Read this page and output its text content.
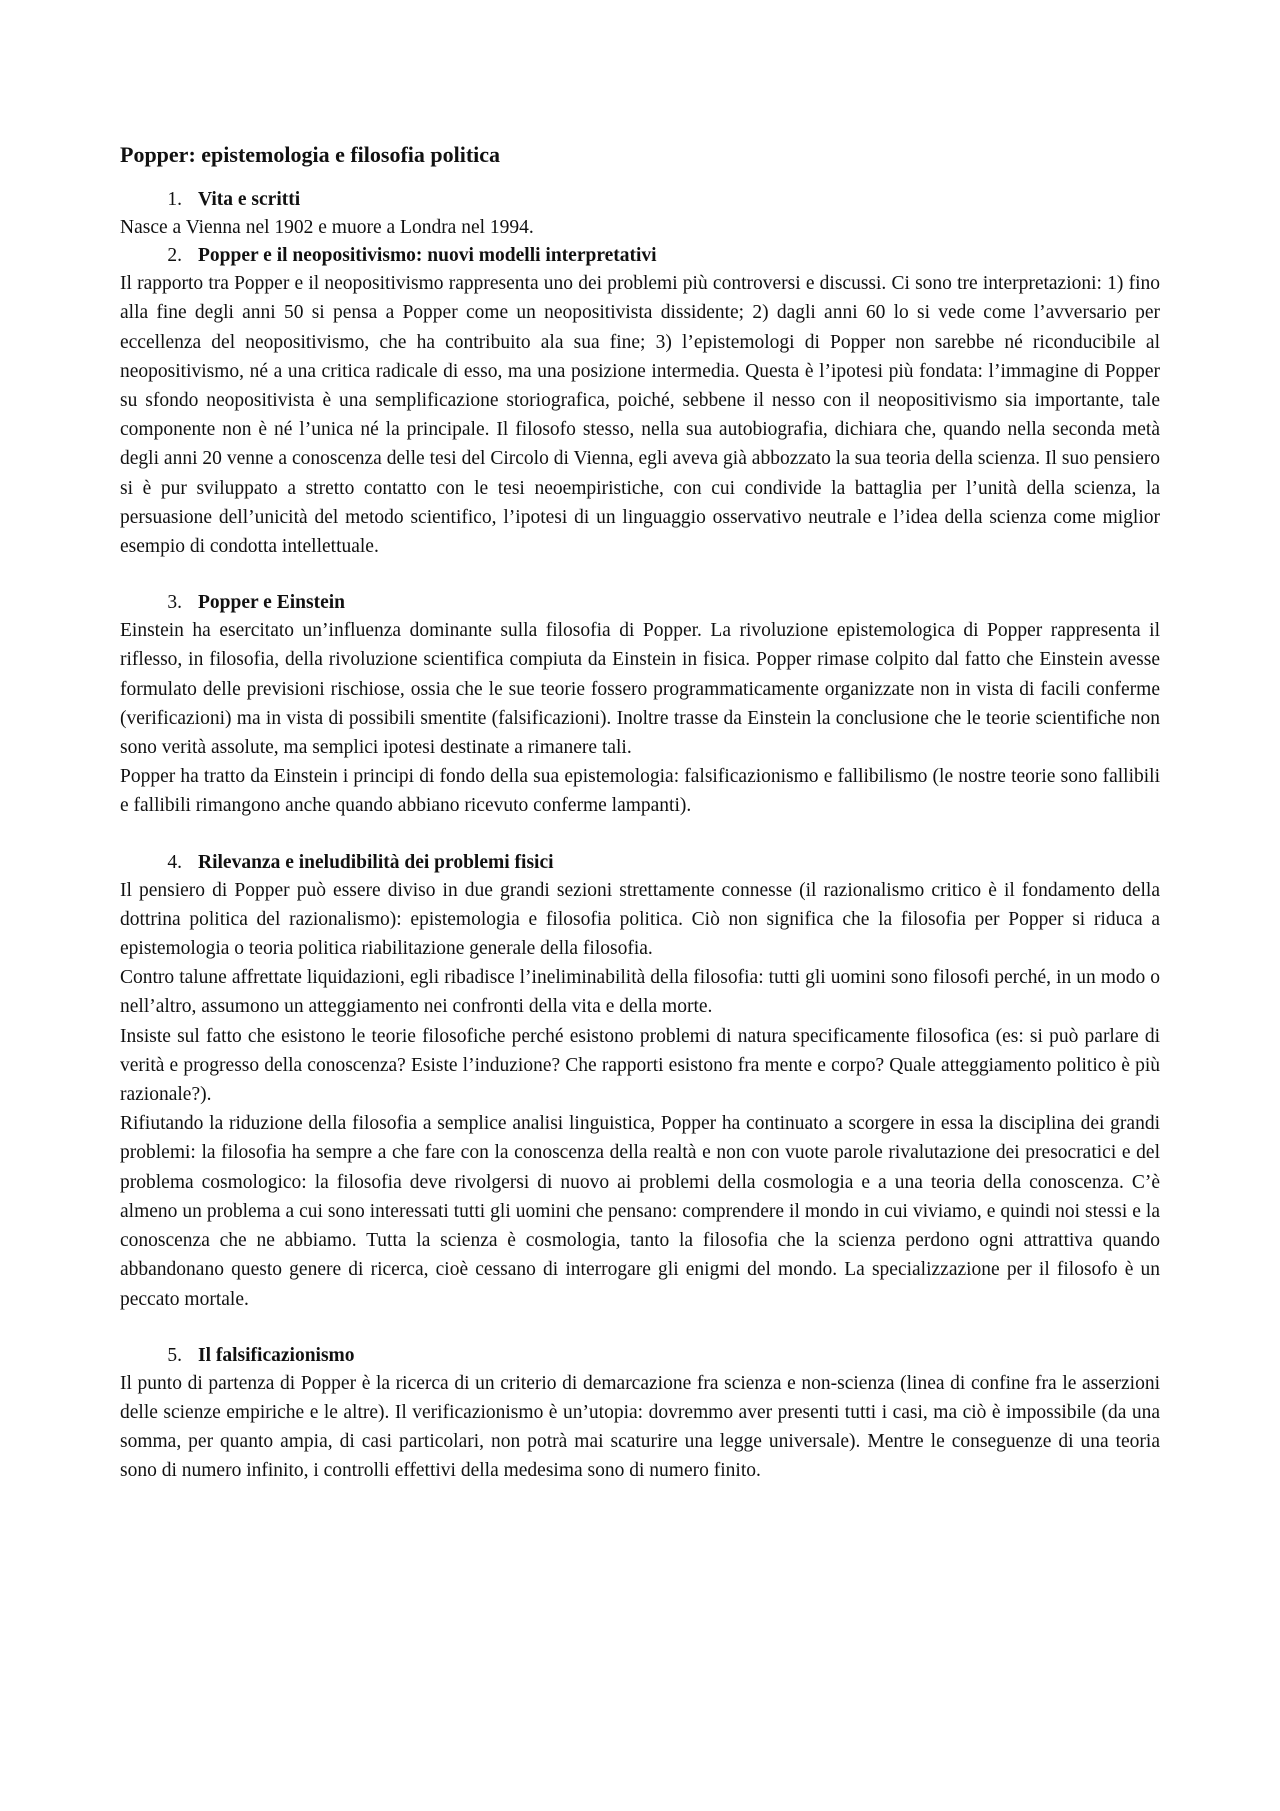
Popper: epistemologia e filosofia politica
1. Vita e scritti

Nasce a Vienna nel 1902 e muore a Londra nel 1994.

2. Popper e il neopositivismo: nuovi modelli interpretativi

Il rapporto tra Popper e il neopositivismo rappresenta uno dei problemi più controversi e discussi. Ci sono tre interpretazioni: 1) fino alla fine degli anni 50 si pensa a Popper come un neopositivista dissidente; 2) dagli anni 60 lo si vede come l’avversario per eccellenza del neopositivismo, che ha contribuito ala sua fine; 3) l’epistemologi di Popper non sarebbe né riconducibile al neopositivismo, né a una critica radicale di esso, ma una posizione intermedia. Questa è l’ipotesi più fondata: l’immagine di Popper su sfondo neopositivista è una semplificazione storiografica, poiché, sebbene il nesso con il neopositivismo sia importante, tale componente non è né l’unica né la principale. Il filosofo stesso, nella sua autobiografia, dichiara che, quando nella seconda metà degli anni 20 venne a conoscenza delle tesi del Circolo di Vienna, egli aveva già abbozzato la sua teoria della scienza. Il suo pensiero si è pur sviluppato a stretto contatto con le tesi neoempiristiche, con cui condivide la battaglia per l’unità della scienza, la persuasione dell’unicità del metodo scientifico, l’ipotesi di un linguaggio osservativo neutrale e l’idea della scienza come miglior esempio di condotta intellettuale.

3. Popper e Einstein

Einstein ha esercitato un’influenza dominante sulla filosofia di Popper. La rivoluzione epistemologica di Popper rappresenta il riflesso, in filosofia, della rivoluzione scientifica compiuta da Einstein in fisica. Popper rimase colpito dal fatto che Einstein avesse formulato delle previsioni rischiose, ossia che le sue teorie fossero programmaticamente organizzate non in vista di facili conferme (verificazioni) ma in vista di possibili smentite (falsificazioni). Inoltre trasse da Einstein la conclusione che le teorie scientifiche non sono verità assolute, ma semplici ipotesi destinate a rimanere tali.

Popper ha tratto da Einstein i principi di fondo della sua epistemologia: falsificazionismo e fallibilismo (le nostre teorie sono fallibili e fallibili rimangono anche quando abbiano ricevuto conferme lampanti).

4. Rilevanza e ineludibilità dei problemi fisici

Il pensiero di Popper può essere diviso in due grandi sezioni strettamente connesse (il razionalismo critico è il fondamento della dottrina politica del razionalismo): epistemologia e filosofia politica. Ciò non significa che la filosofia per Popper si riduca a epistemologia o teoria politica riabilitazione generale della filosofia.

Contro talune affrettate liquidazioni, egli ribadisce l’ineliminabilità della filosofia: tutti gli uomini sono filosofi perché, in un modo o nell’altro, assumono un atteggiamento nei confronti della vita e della morte.

Insiste sul fatto che esistono le teorie filosofiche perché esistono problemi di natura specificamente filosofica (es: si può parlare di verità e progresso della conoscenza? Esiste l’induzione? Che rapporti esistono fra mente e corpo? Quale atteggiamento politico è più razionale?).

Rifiutando la riduzione della filosofia a semplice analisi linguistica, Popper ha continuato a scorgere in essa la disciplina dei grandi problemi: la filosofia ha sempre a che fare con la conoscenza della realtà e non con vuote parole rivalutazione dei presocratici e del problema cosmologico: la filosofia deve rivolgersi di nuovo ai problemi della cosmologia e a una teoria della conoscenza. C’è almeno un problema a cui sono interessati tutti gli uomini che pensano: comprendere il mondo in cui viviamo, e quindi noi stessi e la conoscenza che ne abbiamo. Tutta la scienza è cosmologia, tanto la filosofia che la scienza perdono ogni attrattiva quando abbandonano questo genere di ricerca, cioè cessano di interrogare gli enigmi del mondo. La specializzazione per il filosofo è un peccato mortale.

5. Il falsificazionismo

Il punto di partenza di Popper è la ricerca di un criterio di demarcazione fra scienza e non-scienza (linea di confine fra le asserzioni delle scienze empiriche e le altre). Il verificazionismo è un’utopia: dovremmo aver presenti tutti i casi, ma ciò è impossibile (da una somma, per quanto ampia, di casi particolari, non potrà mai scaturire una legge universale). Mentre le conseguenze di una teoria sono di numero infinito, i controlli effettivi della medesima sono di numero finito.
